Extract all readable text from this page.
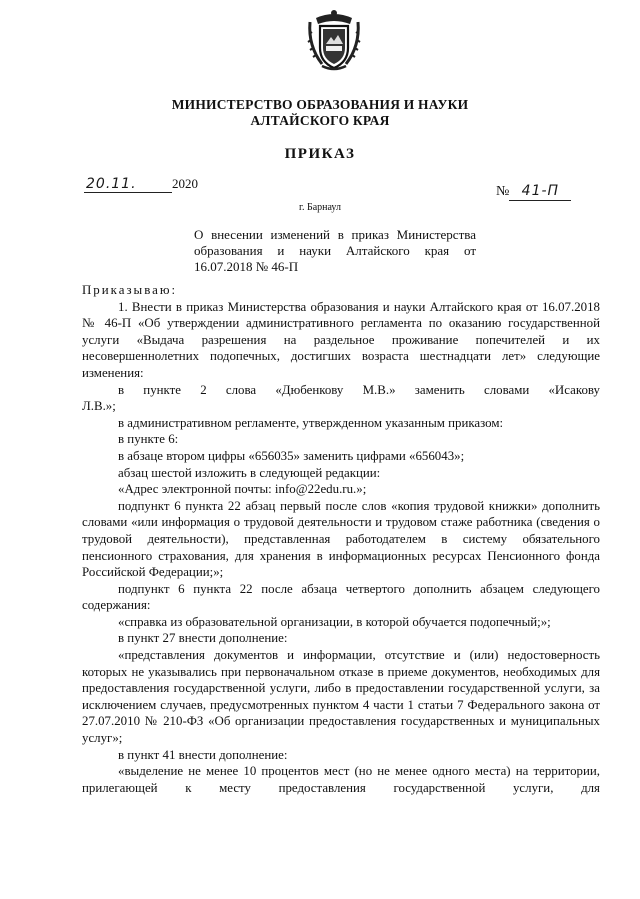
МИНИСТЕРСТВО ОБРАЗОВАНИЯ И НАУКИ
АЛТАЙСКОГО КРАЯ
ПРИКАЗ
20.11.	2020
№ 41-П
г. Барнаул
О внесении изменений в приказ Министерства образования и науки Алтайского края от 16.07.2018 № 46-П

Приказываю:

1. Внести в приказ Министерства образования и науки Алтайского края от 16.07.2018 № 46-П «Об утверждении административного регламента по оказанию государственной услуги «Выдача разрешения на раздельное проживание попечителей и их несовершеннолетних подопечных, достигших возраста шестнадцати лет» следующие изменения:

в пункте 2 слова «Дюбенкову М.В.» заменить словами «Исакову Л.В.»;

в административном регламенте, утвержденном указанным приказом:

в пункте 6:

в абзаце втором цифры «656035» заменить цифрами «656043»;

абзац шестой изложить в следующей редакции:

«Адрес электронной почты: info@22edu.ru.»;

подпункт 6 пункта 22 абзац первый после слов «копия трудовой книжки» дополнить словами «или информация о трудовой деятельности и трудовом стаже работника (сведения о трудовой деятельности), представленная работодателем в систему обязательного пенсионного страхования, для хранения в информационных ресурсах Пенсионного фонда Российской Федерации;»;

подпункт 6 пункта 22 после абзаца четвертого дополнить абзацем следующего содержания:

«справка из образовательной организации, в которой обучается подопечный;»;

в пункт 27 внести дополнение:

«представления документов и информации, отсутствие и (или) недостоверность которых не указывались при первоначальном отказе в приеме документов, необходимых для предоставления государственной услуги, либо в предоставлении государственной услуги, за исключением случаев, предусмотренных пунктом 4 части 1 статьи 7 Федерального закона от 27.07.2010 № 210-ФЗ «Об организации предоставления государственных и муниципальных услуг»;

в пункт 41 внести дополнение:

«выделение не менее 10 процентов мест (но не менее одного места) на территории, прилегающей к месту предоставления государственной услуги, для
